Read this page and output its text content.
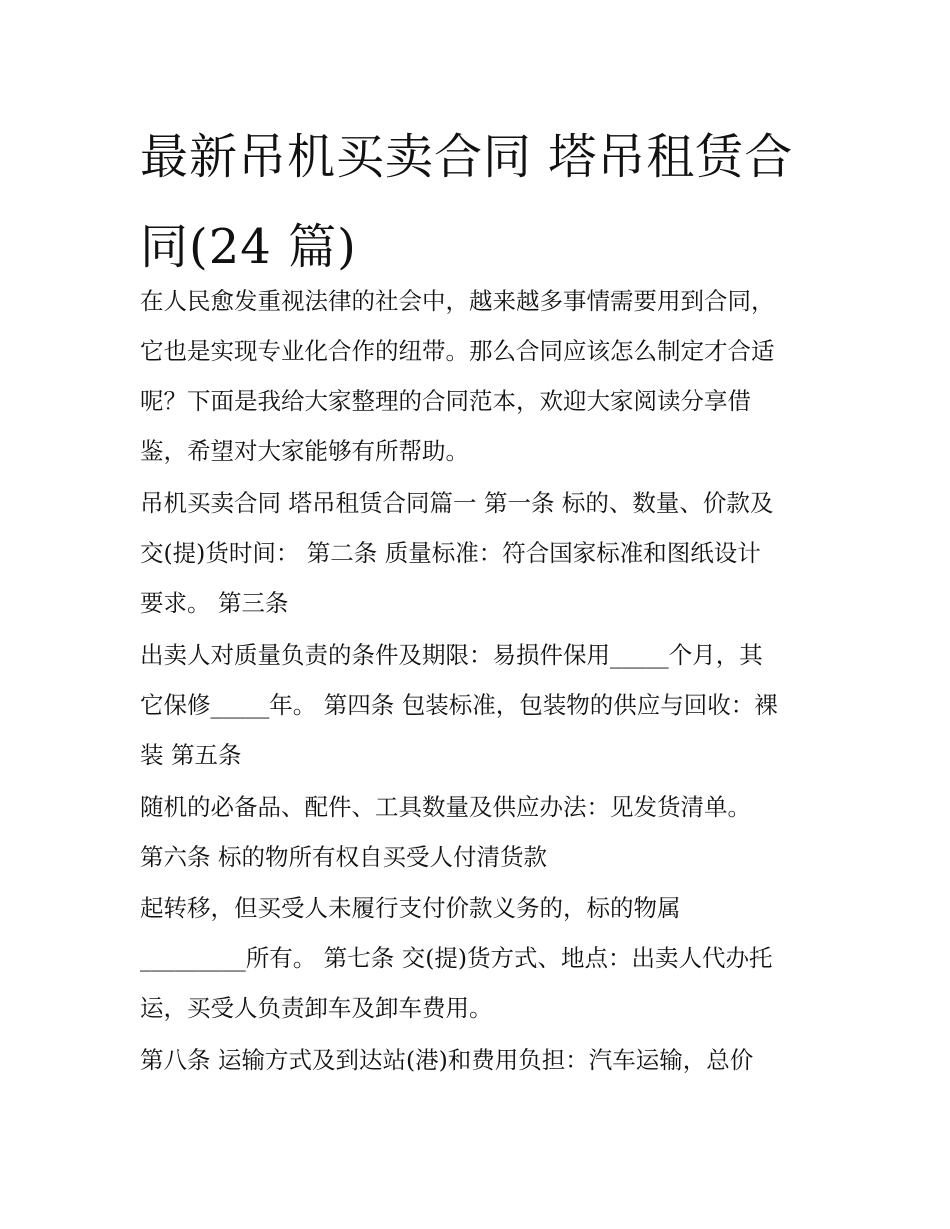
最新吊机买卖合同 塔吊租赁合
同(24 篇)

在人民愈发重视法律的社会中，越来越多事情需要用到合同，

它也是实现专业化合作的纽带。那么合同应该怎么制定才合适

呢？下面是我给大家整理的合同范本，欢迎大家阅读分享借

鉴，希望对大家能够有所帮助。

吊机买卖合同 塔吊租赁合同篇一 第一条 标的、数量、价款及

交(提)货时间： 第二条 质量标准：符合国家标准和图纸设计

要求。 第三条

出卖人对质量负责的条件及期限：易损件保用_____个月，其

它保修_____年。 第四条 包装标准，包装物的供应与回收：裸

装 第五条

随机的必备品、配件、工具数量及供应办法：见发货清单。

第六条 标的物所有权自买受人付清货款

起转移，但买受人未履行支付价款义务的，标的物属

_________所有。 第七条 交(提)货方式、地点：出卖人代办托

运，买受人负责卸车及卸车费用。

第八条 运输方式及到达站(港)和费用负担：汽车运输，总价
